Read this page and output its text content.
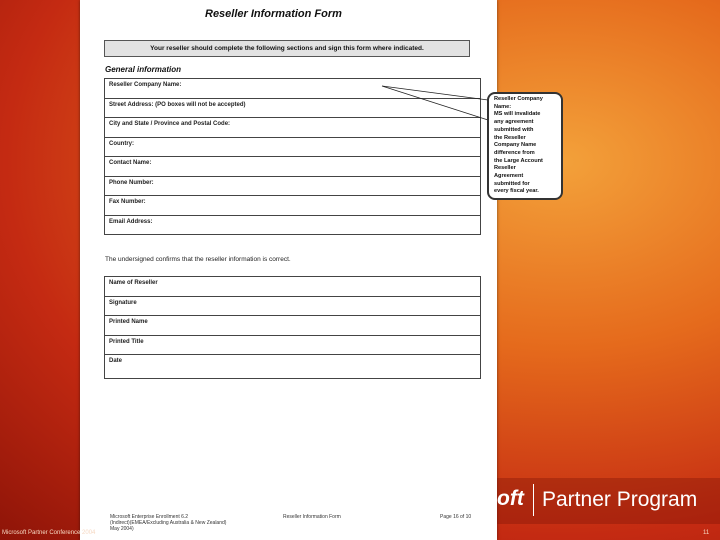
Reseller Information Form
Your reseller should complete the following sections and sign this form where indicated.
General information
Reseller Company Name:
Street Address: (PO boxes will not be accepted)
City and State / Province and Postal Code:
Country:
Contact Name:
Phone Number:
Fax Number:
Email Address:
The undersigned confirms that the reseller information is correct.
Name of Reseller
Signature
Printed Name
Printed Title
Date
Microsoft Enterprise Enrollment 6.2
(Indirect)(EMEA/Excluding Australia & New Zealand)
May 2004)
Reseller Information Form	Page 16 of 10
Reseller Company
Name:
MS will invalidate
any agreement
submitted with
the Reseller
Company Name
difference from
the Large Account
Reseller
Agreement
submitted for
every fiscal year.
oft Partner Program
Microsoft Partner Conference 2004	11
